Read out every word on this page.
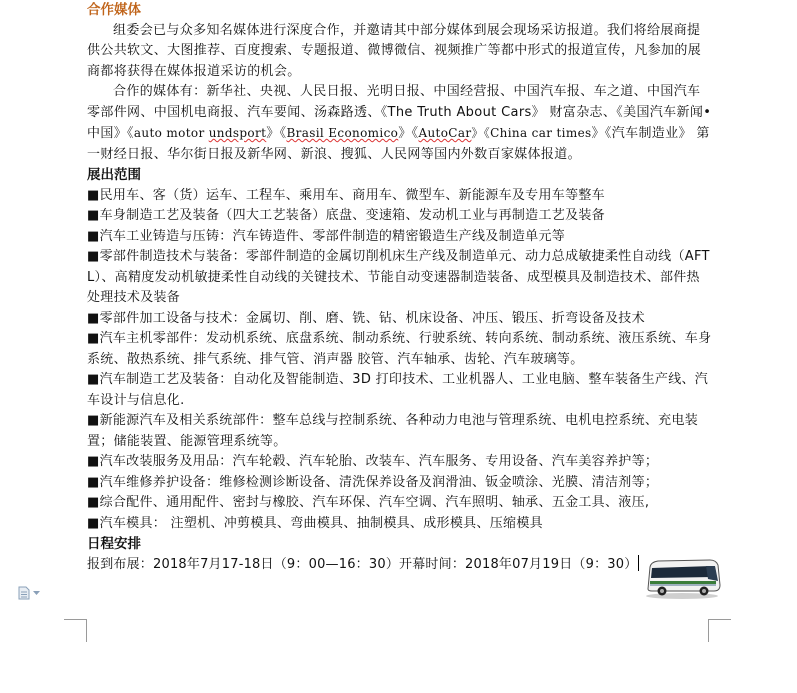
合作媒体
组委会已与众多知名媒体进行深度合作，并邀请其中部分媒体到展会现场采访报道。我们将给展商提供公共软文、大图推荐、百度搜索、专题报道、微博微信、视频推广等都中形式的报道宣传，凡参加的展商都将获得在媒体报道采访的机会。
合作的媒体有：新华社、央视、人民日报、光明日报、中国经营报、中国汽车报、车之道、中国汽车零部件网、中国机电商报、汽车要闻、汤森路透、《The Truth About Cars》 财富杂志、《美国汽车新闻•中国》《auto motor undsport》《Brasil Economico》《AutoCar》《China car times》《汽车制造业》 第一财经日报、华尔街日报及新华网、新浪、搜狐、人民网等国内外数百家媒体报道。
展出范围
■民用车、客（货）运车、工程车、乘用车、商用车、微型车、新能源车及专用车等整车
■车身制造工艺及装备（四大工艺装备）底盘、变速箱、发动机工业与再制造工艺及装备
■汽车工业铸造与压铸：汽车铸造件、零部件制造的精密锻造生产线及制造单元等
■零部件制造技术与装备：零部件制造的金属切削机床生产线及制造单元、动力总成敏捷柔性自动线（AFTL）、高精度发动机敏捷柔性自动线的关键技术、节能自动变速器制造装备、成型模具及制造技术、部件热处理技术及装备
■零部件加工设备与技术：金属切、削、磨、铣、钻、机床设备、冲压、锻压、折弯设备及技术
■汽车主机零部件：发动机系统、底盘系统、制动系统、行驶系统、转向系统、制动系统、液压系统、车身系统、散热系统、排气系统、排气管、消声器 胶管、汽车轴承、齿轮、汽车玻璃等。
■汽车制造工艺及装备：自动化及智能制造、3D 打印技术、工业机器人、工业电脑、整车装备生产线、汽车设计与信息化.
■新能源汽车及相关系统部件：整车总线与控制系统、各种动力电池与管理系统、电机电控系统、充电装置；储能装置、能源管理系统等。
■汽车改装服务及用品：汽车轮毂、汽车轮胎、改装车、汽车服务、专用设备、汽车美容养护等；
■汽车维修养护设备：维修检测诊断设备、清洗保养设备及润滑油、钣金喷涂、光膜、清洁剂等；
■综合配件、通用配件、密封与橡胶、汽车环保、汽车空调、汽车照明、轴承、五金工具、液压,
■汽车模具： 注塑机、冲剪模具、弯曲模具、抽制模具、成形模具、压缩模具
日程安排
报到布展：2018年7月17-18日（9：00—16：30）开幕时间：2018年07月19日（9：30）
